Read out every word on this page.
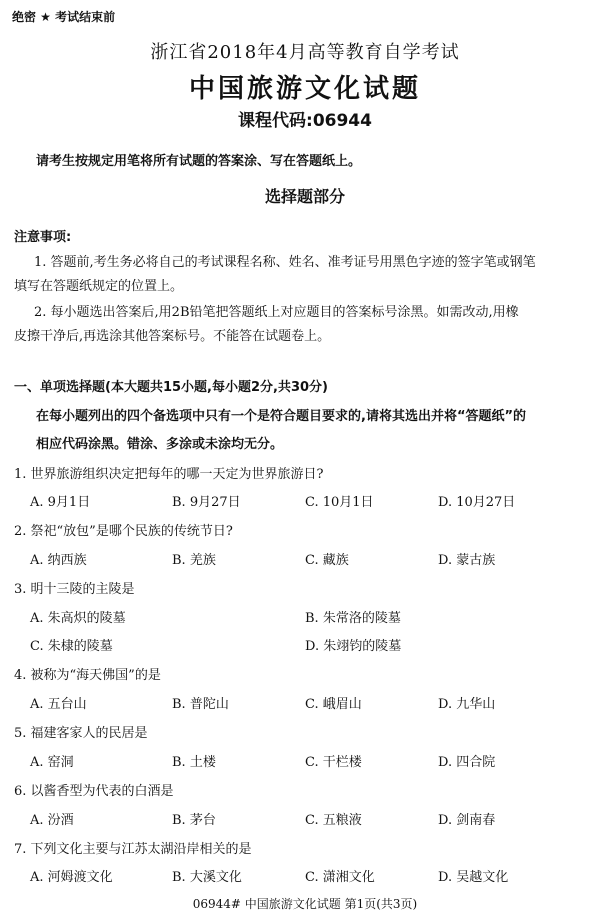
绝密 ★ 考试结束前
浙江省2018年4月高等教育自学考试
中国旅游文化试题
课程代码:06944
请考生按规定用笔将所有试题的答案涂、写在答题纸上。
选择题部分
注意事项:
1. 答题前,考生务必将自己的考试课程名称、姓名、准考证号用黑色字迹的签字笔或钢笔
填写在答题纸规定的位置上。
2. 每小题选出答案后,用2B铅笔把答题纸上对应题目的答案标号涂黑。如需改动,用橡
皮擦干净后,再选涂其他答案标号。不能答在试题卷上。
一、单项选择题(本大题共15小题,每小题2分,共30分)
在每小题列出的四个备选项中只有一个是符合题目要求的,请将其选出并将“答题纸”的
相应代码涂黑。错涂、多涂或未涂均无分。
1. 世界旅游组织决定把每年的哪一天定为世界旅游日?
A. 9月1日	B. 9月27日	C. 10月1日	D. 10月27日
2. 祭祀“放包”是哪个民族的传统节日?
A. 纳西族	B. 羌族	C. 藏族	D. 蒙古族
3. 明十三陵的主陵是
A. 朱高炽的陵墓	B. 朱常洛的陵墓
C. 朱棣的陵墓	D. 朱翊钧的陵墓
4. 被称为“海天佛国”的是
A. 五台山	B. 普陀山	C. 峨眉山	D. 九华山
5. 福建客家人的民居是
A. 窑洞	B. 土楼	C. 干栏楼	D. 四合院
6. 以酱香型为代表的白酒是
A. 汾酒	B. 茅台	C. 五粮液	D. 剑南春
7. 下列文化主要与江苏太湖沿岸相关的是
A. 河姆渡文化	B. 大溪文化	C. 潇湘文化	D. 吴越文化
06944# 中国旅游文化试题 第1页(共3页)
